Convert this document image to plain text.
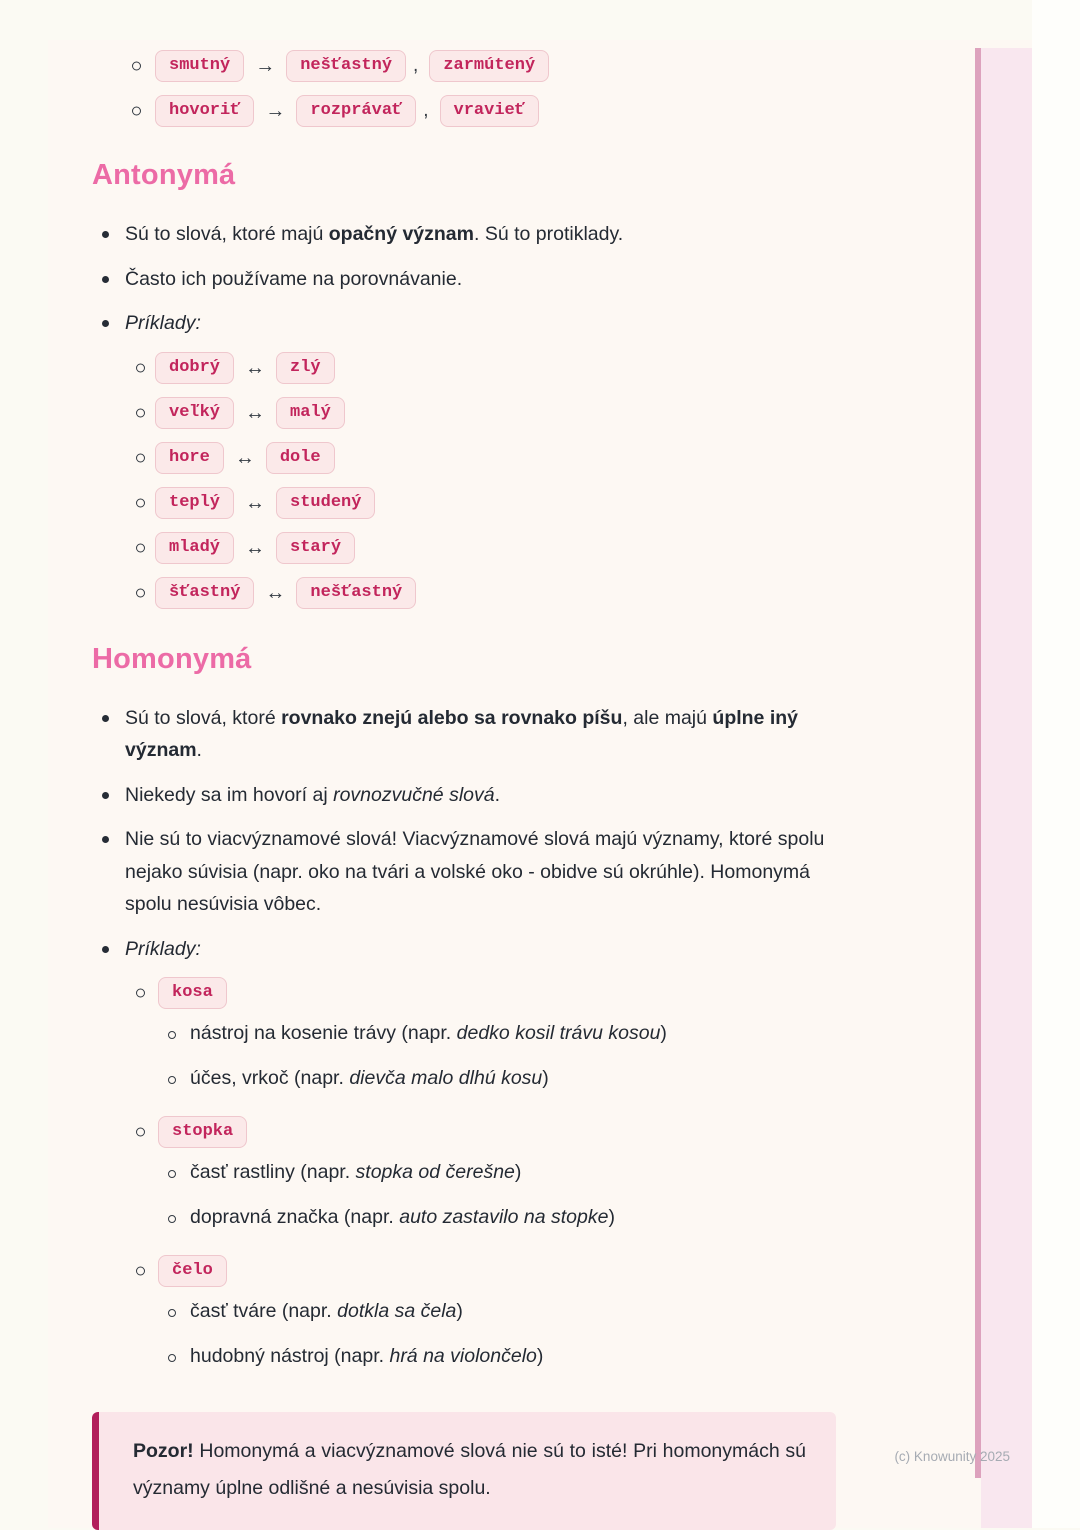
smutný	→	nešťastný	,	zarmútený
hovoriť	→	rozprávať	,	vravieť
Antonymá
Sú to slová, ktoré majú opačný význam. Sú to protiklady.
Často ich používame na porovnávanie.
Príklady:
dobrý	↔	zlý
veľký	↔	malý
hore	↔	dole
teplý	↔	studený
mladý	↔	starý
šťastný	↔	nešťastný
Homonymá
Sú to slová, ktoré rovnako znejú alebo sa rovnako píšu, ale majú úplne iný význam.
Niekedy sa im hovorí aj rovnozvučné slová.
Nie sú to viacvýznamové slová! Viacvýznamové slová majú významy, ktoré spolu nejako súvisia (napr. oko na tvári a volské oko - obidve sú okrúhle). Homonymá spolu nesúvisia vôbec.
Príklady:
kosa
nástroj na kosenie trávy (napr. dedko kosil trávu kosou)
účes, vrkoč (napr. dievča malo dlhú kosu)
stopka
časť rastliny (napr. stopka od čerešne)
dopravná značka (napr. auto zastavilo na stopke)
čelo
časť tváre (napr. dotkla sa čela)
hudobný nástroj (napr. hrá na violončelo)
Pozor! Homonymá a viacvýznamové slová nie sú to isté! Pri homonymách sú významy úplne odlišné a nesúvisia spolu.
(c) Knowunity 2025
